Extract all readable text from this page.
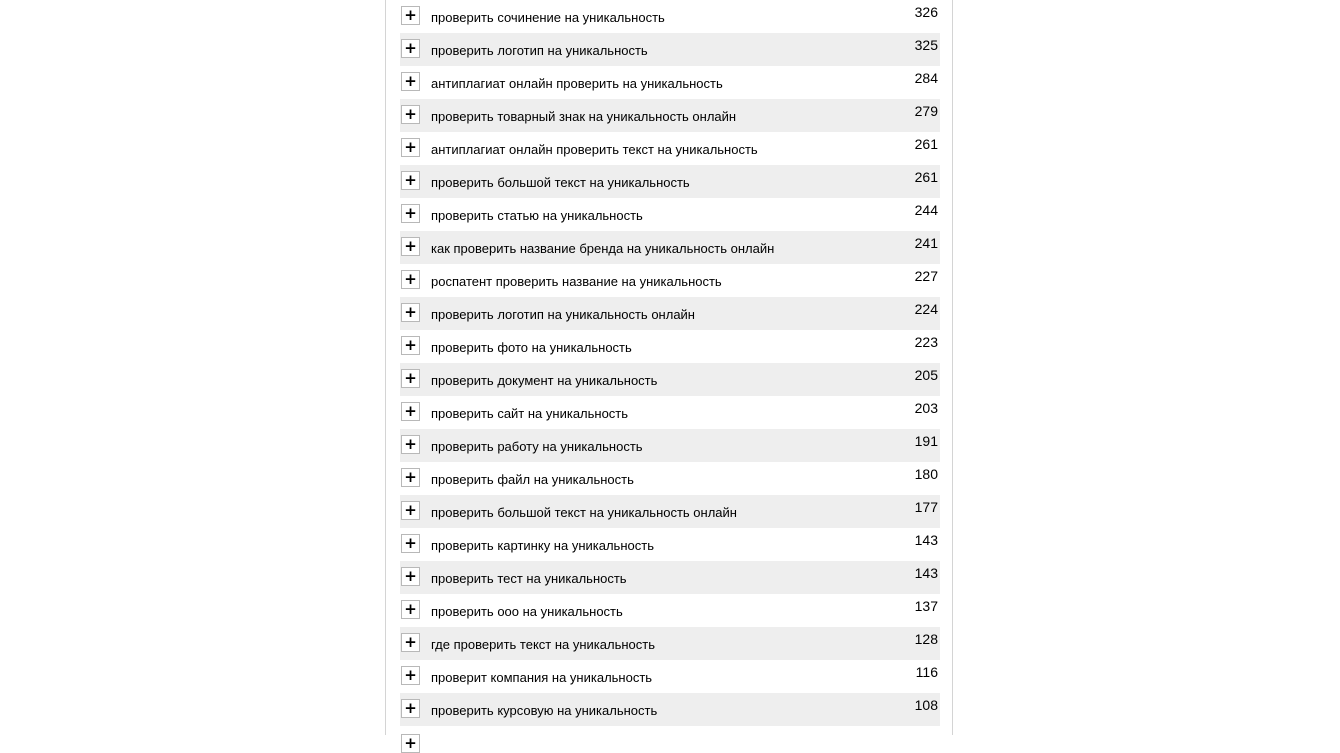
+ проверить сочинение на уникальность	326
+ проверить логотип на уникальность	325
+ антиплагиат онлайн проверить на уникальность	284
+ проверить товарный знак на уникальность онлайн	279
+ антиплагиат онлайн проверить текст на уникальность	261
+ проверить большой текст на уникальность	261
+ проверить статью на уникальность	244
+ как проверить название бренда на уникальность онлайн	241
+ роспатент проверить название на уникальность	227
+ проверить логотип на уникальность онлайн	224
+ проверить фото на уникальность	223
+ проверить документ на уникальность	205
+ проверить сайт на уникальность	203
+ проверить работу на уникальность	191
+ проверить файл на уникальность	180
+ проверить большой текст на уникальность онлайн	177
+ проверить картинку на уникальность	143
+ проверить тест на уникальность	143
+ проверить ооо на уникальность	137
+ где проверить текст на уникальность	128
+ проверит компания на уникальность	116
+ проверить курсовую на уникальность	108
+
